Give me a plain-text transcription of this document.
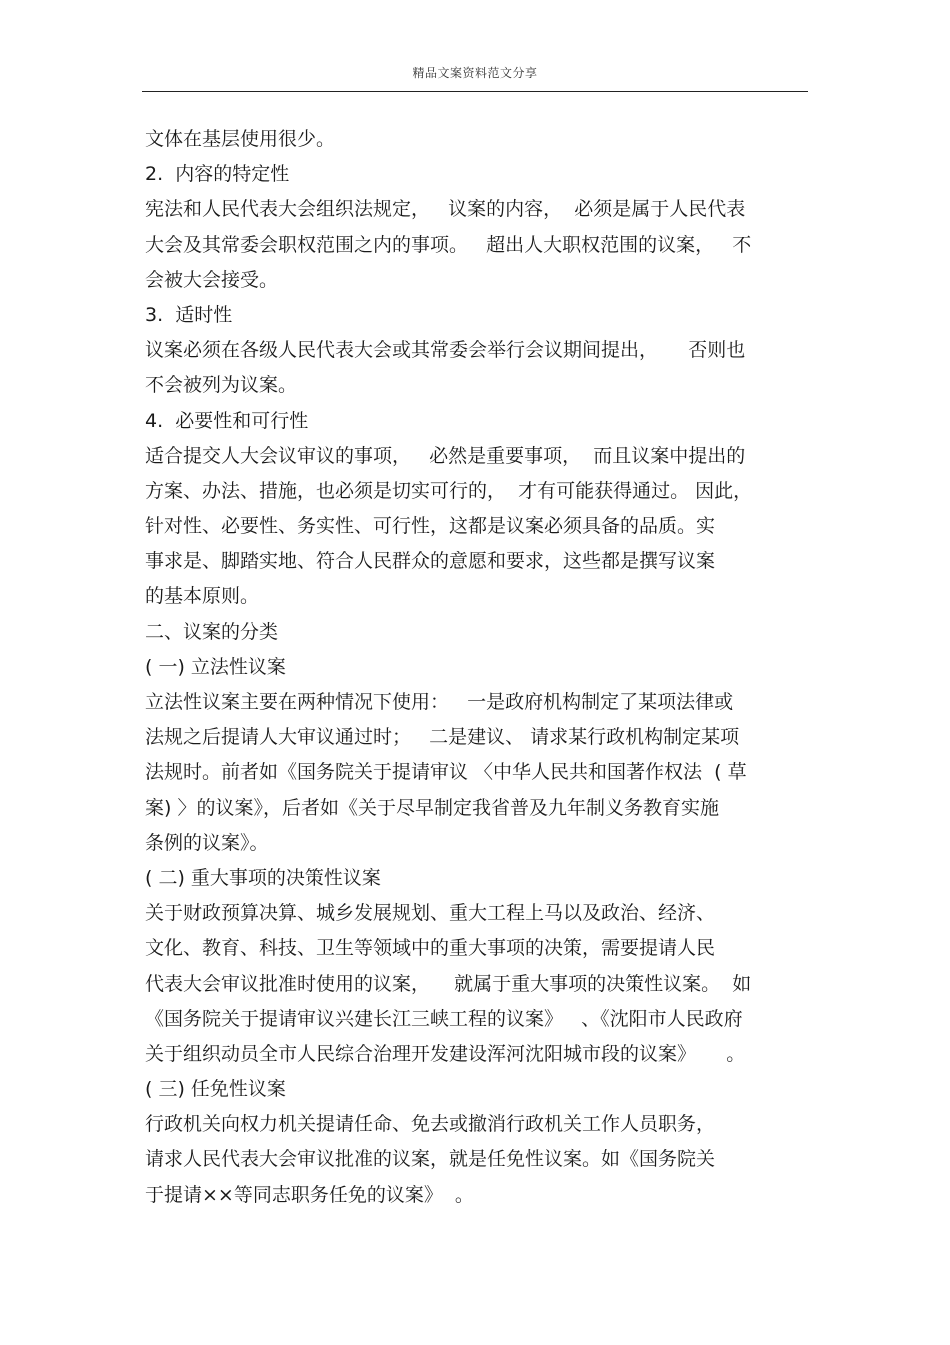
精品文案资料范文分享
文体在基层使用很少。
2.  内容的特定性
宪法和人民代表大会组织法规定，   议案的内容，  必须是属于人民代表
大会及其常委会职权范围之内的事项。   超出人大职权范围的议案，   不
会被大会接受。
3.  适时性
议案必须在各级人民代表大会或其常委会举行会议期间提出，     否则也
不会被列为议案。
4.  必要性和可行性
适合提交人大会议审议的事项，   必然是重要事项，  而且议案中提出的
方案、办法、措施，也必须是切实可行的，  才有可能获得通过。 因此，
针对性、必要性、务实性、可行性，这都是议案必须具备的品质。实
事求是、脚踏实地、符合人民群众的意愿和要求，这些都是撰写议案
的基本原则。
二、议案的分类
( 一) 立法性议案
立法性议案主要在两种情况下使用：   一是政府机构制定了某项法律或
法规之后提请人大审议通过时；   二是建议、 请求某行政机构制定某项
法规时。前者如《国务院关于提请审议 〈中华人民共和国著作权法  ( 草
案) 〉的议案》，后者如《关于尽早制定我省普及九年制义务教育实施
条例的议案》。
( 二) 重大事项的决策性议案
关于财政预算决算、城乡发展规划、重大工程上马以及政治、经济、
文化、教育、科技、卫生等领域中的重大事项的决策，需要提请人民
代表大会审议批准时使用的议案，    就属于重大事项的决策性议案。  如
《国务院关于提请审议兴建长江三峡工程的议案》   、《沈阳市人民政府
关于组织动员全市人民综合治理开发建设浑河沈阳城市段的议案》     。
( 三) 任免性议案
行政机关向权力机关提请任命、免去或撤消行政机关工作人员职务，
请求人民代表大会审议批准的议案，就是任免性议案。如《国务院关
于提请××等同志职务任免的议案》  。
